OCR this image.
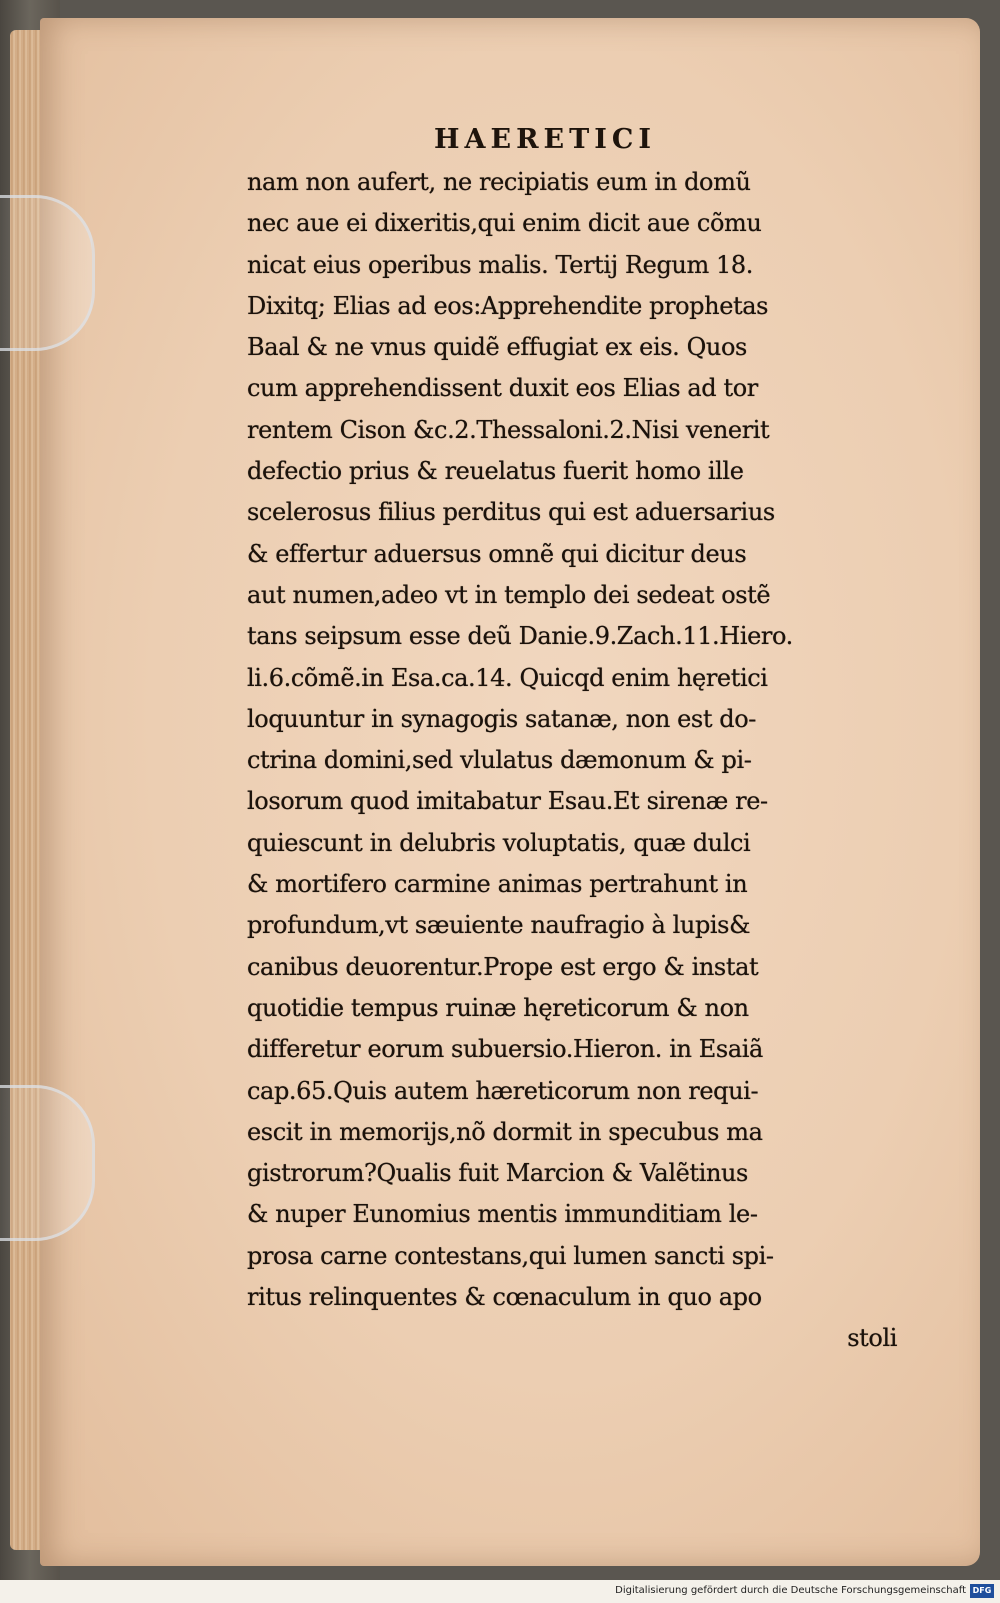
HAERETICI
nam non aufert, ne recipiatis eum in domũ
nec aue ei dixeritis,qui enim dicit aue cõmu
nicat eius operibus malis. Tertij Regum 18.
Dixitq; Elias ad eos:Apprehendite prophetas
Baal & ne vnus quidẽ effugiat ex eis. Quos
cum apprehendissent duxit eos Elias ad tor
rentem Cison &c.2.Thessaloni.2.Nisi venerit
defectio prius & reuelatus fuerit homo ille
scelerosus filius perditus qui est aduersarius
& effertur aduersus omnẽ qui dicitur deus
aut numen,adeo vt in templo dei sedeat ostẽ
tans seipsum esse deũ Danie.9.Zach.11.Hiero.
li.6.cõmẽ.in Esa.ca.14. Quicqd enim hęretici
loquuntur in synagogis satanæ, non est do-
ctrina domini,sed vlulatus dæmonum & pi-
losorum quod imitabatur Esau.Et sirenæ re-
quiescunt in delubris voluptatis, quæ dulci
& mortifero carmine animas pertrahunt in
profundum,vt sæuiente naufragio à lupis&
canibus deuorentur.Prope est ergo & instat
quotidie tempus ruinæ hęreticorum & non
differetur eorum subuersio.Hieron. in Esaiã
cap.65.Quis autem hæreticorum non requi-
escit in memorijs,nõ dormit in specubus ma
gistrorum?Qualis fuit Marcion & Valẽtinus
& nuper Eunomius mentis immunditiam le-
prosa carne contestans,qui lumen sancti spi-
ritus relinquentes & cœnaculum in quo apo
stoli
Digitalisierung gefördert durch die Deutsche Forschungsgemeinschaft DFG
